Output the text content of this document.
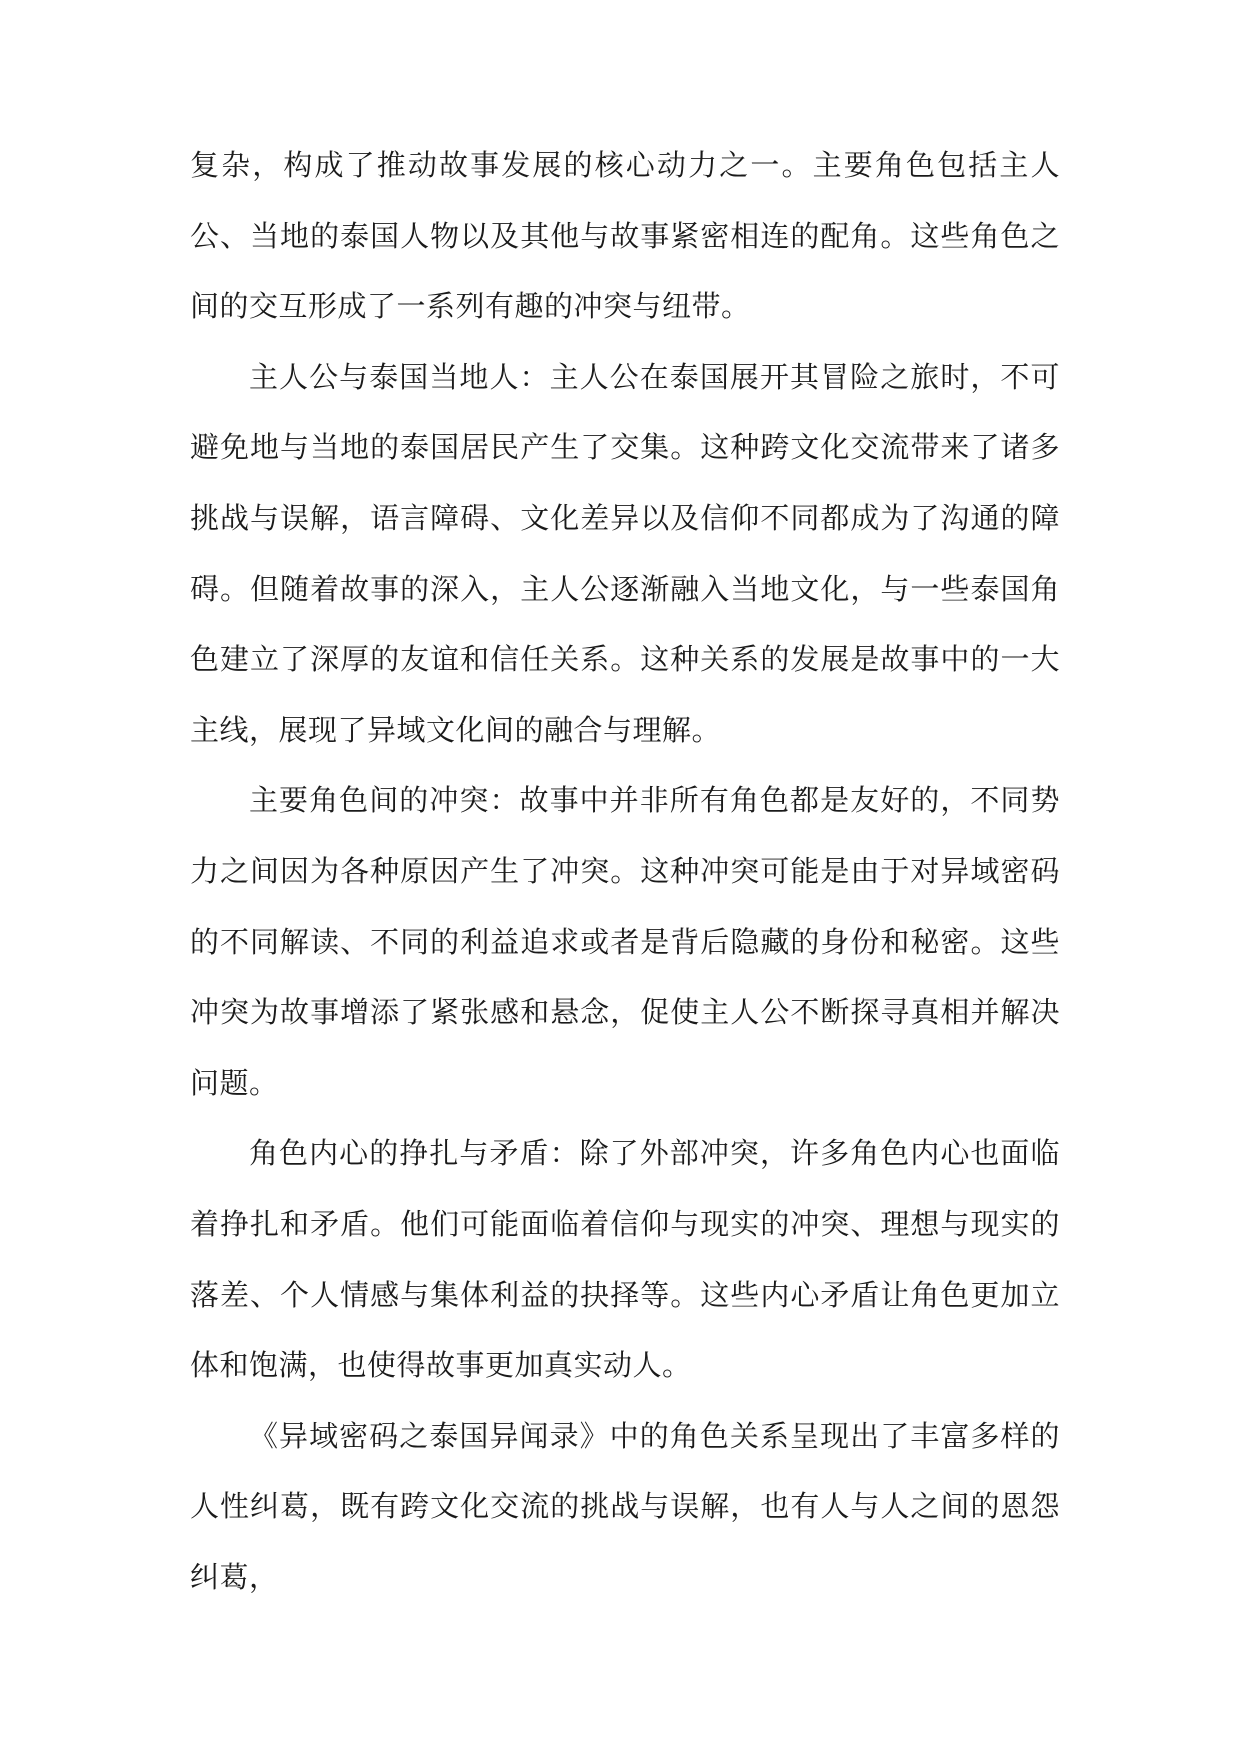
复杂，构成了推动故事发展的核心动力之一。主要角色包括主人公、当地的泰国人物以及其他与故事紧密相连的配角。这些角色之间的交互形成了一系列有趣的冲突与纽带。

主人公与泰国当地人：主人公在泰国展开其冒险之旅时，不可避免地与当地的泰国居民产生了交集。这种跨文化交流带来了诸多挑战与误解，语言障碍、文化差异以及信仰不同都成为了沟通的障碍。但随着故事的深入，主人公逐渐融入当地文化，与一些泰国角色建立了深厚的友谊和信任关系。这种关系的发展是故事中的一大主线，展现了异域文化间的融合与理解。

主要角色间的冲突：故事中并非所有角色都是友好的，不同势力之间因为各种原因产生了冲突。这种冲突可能是由于对异域密码的不同解读、不同的利益追求或者是背后隐藏的身份和秘密。这些冲突为故事增添了紧张感和悬念，促使主人公不断探寻真相并解决问题。

角色内心的挣扎与矛盾：除了外部冲突，许多角色内心也面临着挣扎和矛盾。他们可能面临着信仰与现实的冲突、理想与现实的落差、个人情感与集体利益的抉择等。这些内心矛盾让角色更加立体和饱满，也使得故事更加真实动人。

《异域密码之泰国异闻录》中的角色关系呈现出了丰富多样的人性纠葛，既有跨文化交流的挑战与误解，也有人与人之间的恩怨纠葛，
